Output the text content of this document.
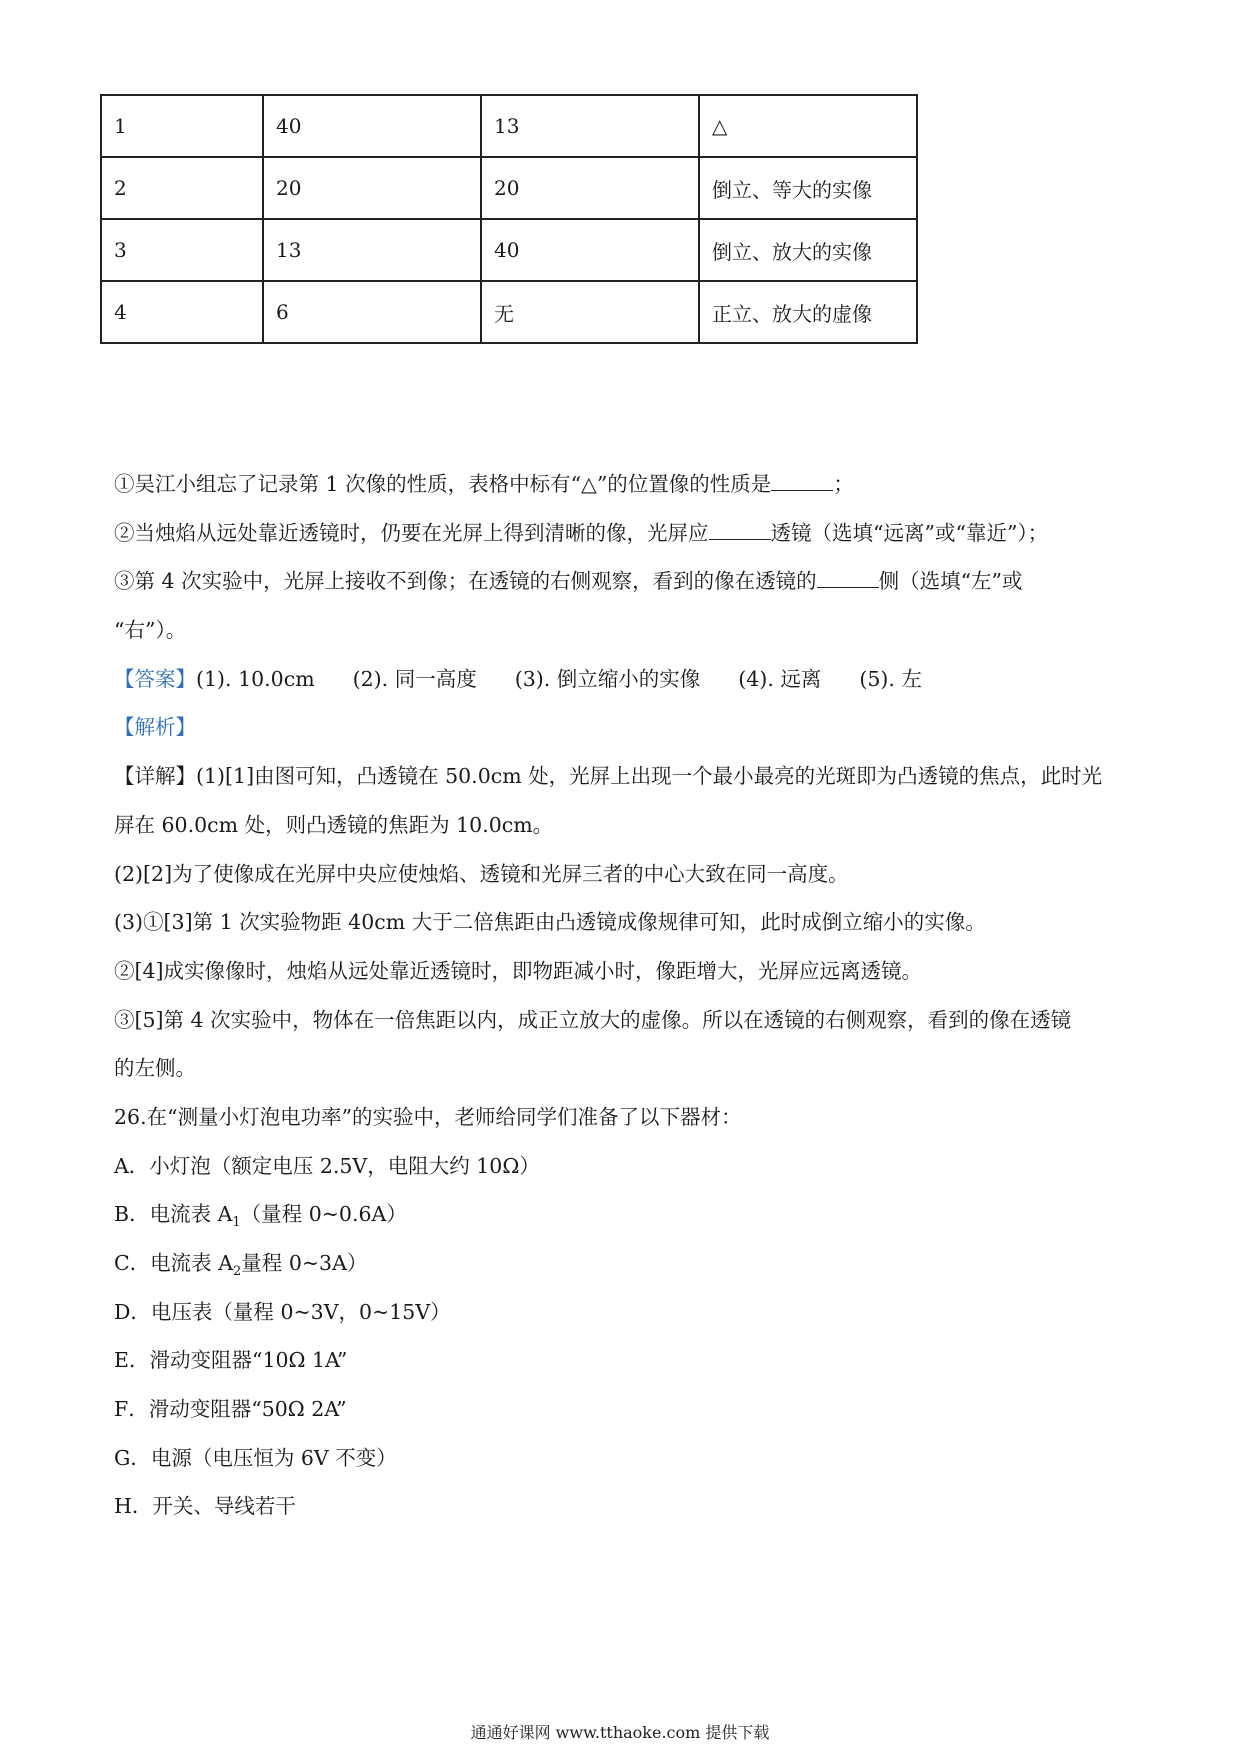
1	40	13	△
2	20	20	倒立、等大的实像
3	13	40	倒立、放大的实像
4	6	无	正立、放大的虚像
①吴江小组忘了记录第 1 次像的性质，表格中标有“△”的位置像的性质是	；
②当烛焰从远处靠近透镜时，仍要在光屏上得到清晰的像，光屏应	透镜（选填“远离”或“靠近”）；
③第 4 次实验中，光屏上接收不到像；在透镜的右侧观察，看到的像在透镜的	侧（选填“左”或
“右”）。
【答案】(1). 10.0cm (2). 同一高度 (3). 倒立缩小的实像 (4). 远离 (5). 左
【解析】
【详解】(1)[1]由图可知，凸透镜在 50.0cm 处，光屏上出现一个最小最亮的光斑即为凸透镜的焦点，此时光
屏在 60.0cm 处，则凸透镜的焦距为 10.0cm。
(2)[2]为了使像成在光屏中央应使烛焰、透镜和光屏三者的中心大致在同一高度。
(3)①[3]第 1 次实验物距 40cm 大于二倍焦距由凸透镜成像规律可知，此时成倒立缩小的实像。
②[4]成实像像时，烛焰从远处靠近透镜时，即物距减小时，像距增大，光屏应远离透镜。
③[5]第 4 次实验中，物体在一倍焦距以内，成正立放大的虚像。所以在透镜的右侧观察，看到的像在透镜
的左侧。
26.在“测量小灯泡电功率”的实验中，老师给同学们准备了以下器材：
A．小灯泡（额定电压 2.5V，电阻大约 10Ω）
B．电流表 $A_1$（量程 0~0.6A）
C．电流表 $A_2$量程 0~3A）
D．电压表（量程 0~3V，0~15V）
E．滑动变阻器“10Ω 1A”
F．滑动变阻器“50Ω 2A”
G．电源（电压恒为 6V 不变）
H．开关、导线若干
通通好课网 www.tthaoke.com 提供下载
